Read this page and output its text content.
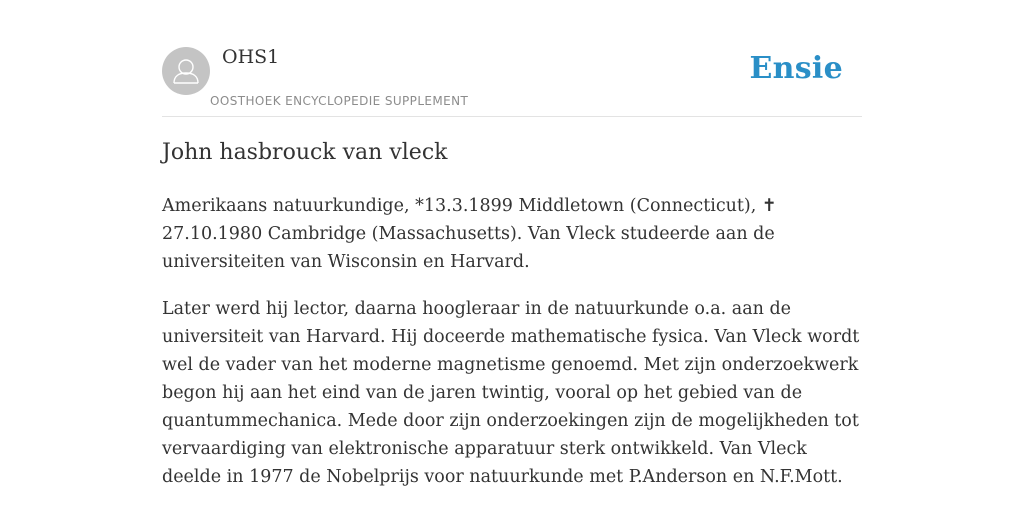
OHS1
OOSTHOEK ENCYCLOPEDIE SUPPLEMENT
Ensie
John hasbrouck van vleck

Amerikaans natuurkundige, *13.3.1899 Middletown (Connecticut), ✝ 27.10.1980 Cambridge (Massachusetts). Van Vleck studeerde aan de universiteiten van Wisconsin en Harvard.

Later werd hij lector, daarna hoogleraar in de natuurkunde o.a. aan de universiteit van Harvard. Hij doceerde mathematische fysica. Van Vleck wordt wel de vader van het moderne magnetisme genoemd. Met zijn onderzoekwerk begon hij aan het eind van de jaren twintig, vooral op het gebied van de quantummechanica. Mede door zijn onderzoekingen zijn de mogelijkheden tot vervaardiging van elektronische apparatuur sterk ontwikkeld. Van Vleck deelde in 1977 de Nobelprijs voor natuurkunde met P.Anderson en N.F.Mott.
